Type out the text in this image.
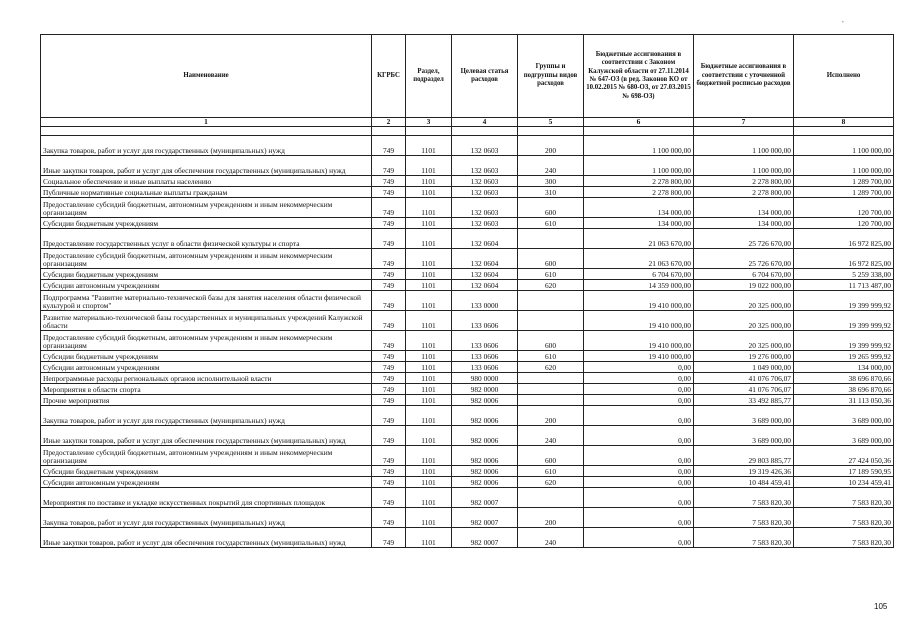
Наименование	КГРБС	Раздел, подраздел	Целевая статья расходов	Группы и подгруппы видов расходов	Бюджетные ассигнования в соответствии с Законом Калужской области от 27.11.2014 № 647-ОЗ (в ред. Законов КО от 10.02.2015 № 680-ОЗ, от 27.03.2015 № 698-ОЗ)	Бюджетные ассигнования в соответствии с уточненной бюджетной росписью расходов	Исполнено
1	2	3	4	5	6	7	8

Закупка товаров, работ и услуг для государственных (муниципальных) нужд	749	1101	132 0603	200	1 100 000,00	1 100 000,00	1 100 000,00
Иные закупки товаров, работ и услуг для обеспечения государственных (муниципальных) нужд	749	1101	132 0603	240	1 100 000,00	1 100 000,00	1 100 000,00
Социальное обеспечение и иные выплаты населению	749	1101	132 0603	300	2 278 800,00	2 278 800,00	1 289 700,00
Публичные нормативные социальные выплаты гражданам	749	1101	132 0603	310	2 278 800,00	2 278 800,00	1 289 700,00
Предоставление субсидий бюджетным, автономным учреждениям и иным некоммерческим организациям	749	1101	132 0603	600	134 000,00	134 000,00	120 700,00
Субсидии бюджетным учреждениям	749	1101	132 0603	610	134 000,00	134 000,00	120 700,00
Предоставление государственных услуг в области физической культуры и спорта	749	1101	132 0604		21 063 670,00	25 726 670,00	16 972 825,00
Предоставление субсидий бюджетным, автономным учреждениям и иным некоммерческим организациям	749	1101	132 0604	600	21 063 670,00	25 726 670,00	16 972 825,00
Субсидии бюджетным учреждениям	749	1101	132 0604	610	6 704 670,00	6 704 670,00	5 259 338,00
Субсидии автономным учреждениям	749	1101	132 0604	620	14 359 000,00	19 022 000,00	11 713 487,00
Подпрограмма "Развитие материально-технической базы для занятия населения области физической культурой и спортом"	749	1101	133 0000		19 410 000,00	20 325 000,00	19 399 999,92
Развитие материально-технической базы государственных и муниципальных учреждений Калужской области	749	1101	133 0606		19 410 000,00	20 325 000,00	19 399 999,92
Предоставление субсидий бюджетным, автономным учреждениям и иным некоммерческим организациям	749	1101	133 0606	600	19 410 000,00	20 325 000,00	19 399 999,92
Субсидии бюджетным учреждениям	749	1101	133 0606	610	19 410 000,00	19 276 000,00	19 265 999,92
Субсидии автономным учреждениям	749	1101	133 0606	620	0,00	1 049 000,00	134 000,00
Непрограммные расходы региональных органов исполнительной власти	749	1101	980 0000		0,00	41 076 706,07	38 696 870,66
Мероприятия в области спорта	749	1101	982 0000		0,00	41 076 706,07	38 696 870,66
Прочие мероприятия	749	1101	982 0006		0,00	33 492 885,77	31 113 050,36
Закупка товаров, работ и услуг для государственных (муниципальных) нужд	749	1101	982 0006	200	0,00	3 689 000,00	3 689 000,00
Иные закупки товаров, работ и услуг для обеспечения государственных (муниципальных) нужд	749	1101	982 0006	240	0,00	3 689 000,00	3 689 000,00
Предоставление субсидий бюджетным, автономным учреждениям и иным некоммерческим организациям	749	1101	982 0006	600	0,00	29 803 885,77	27 424 050,36
Субсидии бюджетным учреждениям	749	1101	982 0006	610	0,00	19 319 426,36	17 189 590,95
Субсидии автономным учреждениям	749	1101	982 0006	620	0,00	10 484 459,41	10 234 459,41
Мероприятия по поставке и укладке искусственных покрытий для спортивных площадок	749	1101	982 0007		0,00	7 583 820,30	7 583 820,30
Закупка товаров, работ и услуг для государственных (муниципальных) нужд	749	1101	982 0007	200	0,00	7 583 820,30	7 583 820,30
Иные закупки товаров, работ и услуг для обеспечения государственных (муниципальных) нужд	749	1101	982 0007	240	0,00	7 583 820,30	7 583 820,30
105
,
